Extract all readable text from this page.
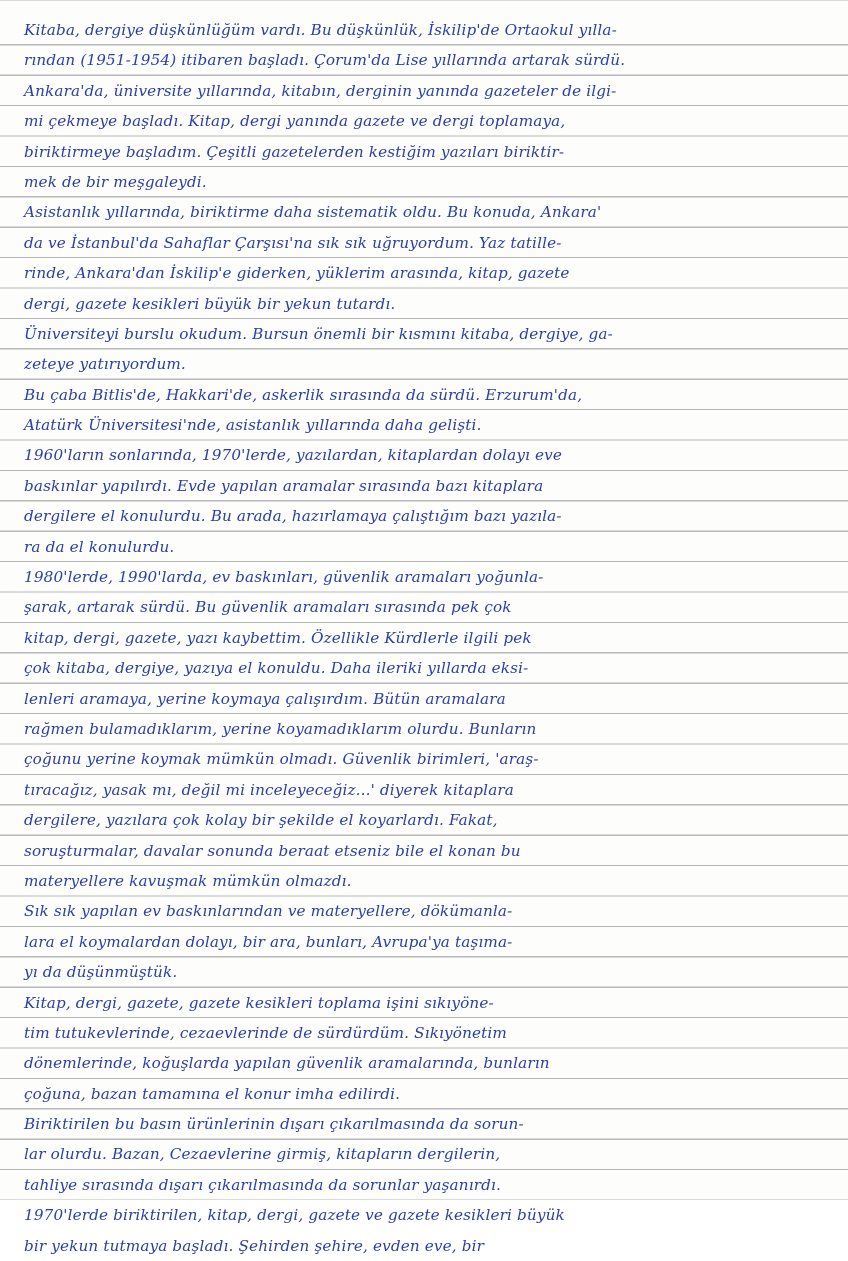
Kitaba, dergiye düşkünlüğüm vardı. Bu düşkünlük, İskilip'de Ortaokul yılla-
rından (1951-1954) itibaren başladı. Çorum'da Lise yıllarında artarak sürdü.
Ankara'da, üniversite yıllarında, kitabın, derginin yanında gazeteler de ilgi-
mi çekmeye başladı. Kitap, dergi yanında gazete ve dergi toplamaya,
biriktirmeye başladım. Çeşitli gazetelerden kestiğim yazıları biriktir-
mek de bir meşgaleydi.
Asistanlık yıllarında, biriktirme daha sistematik oldu. Bu konuda, Ankara'
da ve İstanbul'da Sahaflar Çarşısı'na sık sık uğruyordum. Yaz tatille-
rinde, Ankara'dan İskilip'e giderken, yüklerim arasında, kitap, gazete
dergi, gazete kesikleri büyük bir yekun tutardı.
Üniversiteyi burslu okudum. Bursun önemli bir kısmını kitaba, dergiye, ga-
zeteye yatırıyordum.
Bu çaba Bitlis'de, Hakkari'de, askerlik sırasında da sürdü. Erzurum'da,
Atatürk Üniversitesi'nde, asistanlık yıllarında daha gelişti.
1960'ların sonlarında, 1970'lerde, yazılardan, kitaplardan dolayı eve
baskınlar yapılırdı. Evde yapılan aramalar sırasında bazı kitaplara
dergilere el konulurdu. Bu arada, hazırlamaya çalıştığım bazı yazıla-
ra da el konulurdu.
1980'lerde, 1990'larda, ev baskınları, güvenlik aramaları yoğunla-
şarak, artarak sürdü. Bu güvenlik aramaları sırasında pek çok
kitap, dergi, gazete, yazı kaybettim. Özellikle Kürdlerle ilgili pek
çok kitaba, dergiye, yazıya el konuldu. Daha ileriki yıllarda eksi-
lenleri aramaya, yerine koymaya çalışırdım. Bütün aramalara
rağmen bulamadıklarım, yerine koyamadıklarım olurdu. Bunların
çoğunu yerine koymak mümkün olmadı. Güvenlik birimleri, 'araş-
tıracağız, yasak mı, değil mi inceleyeceğiz...' diyerek kitaplara
dergilere, yazılara çok kolay bir şekilde el koyarlardı. Fakat,
soruşturmalar, davalar sonunda beraat etseniz bile el konan bu
materyellere kavuşmak mümkün olmazdı.
Sık sık yapılan ev baskınlarından ve materyellere, dökümanla-
lara el koymalardan dolayı, bir ara, bunları, Avrupa'ya taşıma-
yı da düşünmüştük.
Kitap, dergi, gazete, gazete kesikleri toplama işini sıkıyöne-
tim tutukevlerinde, cezaevlerinde de sürdürdüm. Sıkıyönetim
dönemlerinde, koğuşlarda yapılan güvenlik aramalarında, bunların
çoğuna, bazan tamamına el konur imha edilirdi.
Biriktirilen bu basın ürünlerinin dışarı çıkarılmasında da sorun-
lar olurdu. Bazan, Cezaevlerine girmiş, kitapların dergilerin,
tahliye sırasında dışarı çıkarılmasında da sorunlar yaşanırdı.
1970'lerde biriktirilen, kitap, dergi, gazete ve gazete kesikleri büyük
bir yekun tutmaya başladı. Şehirden şehire, evden eve, bir
